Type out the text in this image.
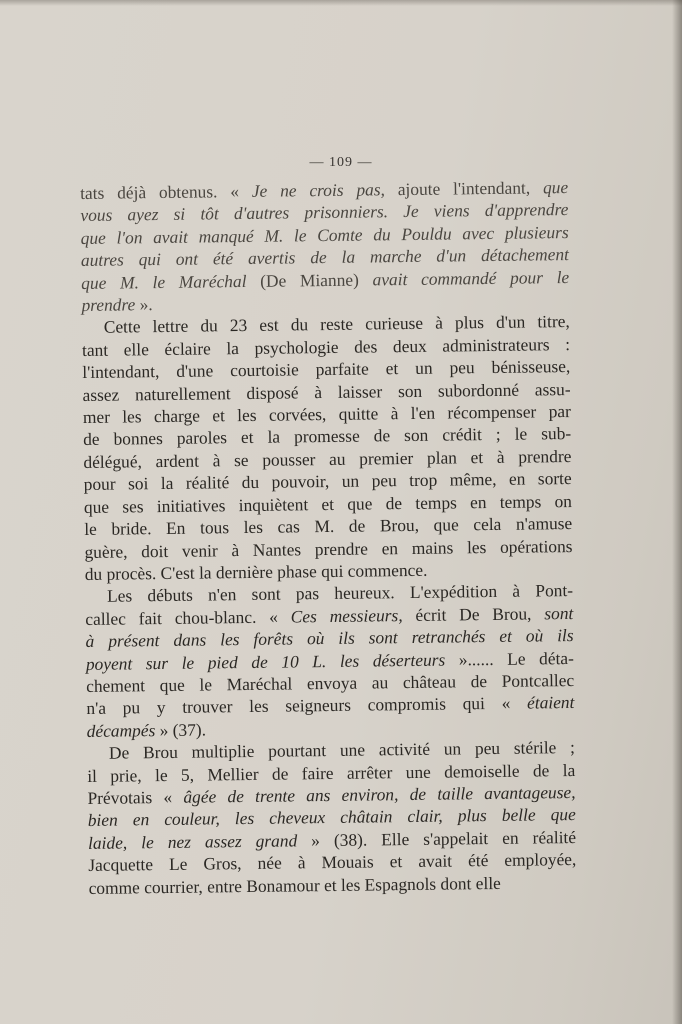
— 109 —

tats déjà obtenus. « Je ne crois pas, ajoute l'intendant, que
vous ayez si tôt d'autres prisonniers. Je viens d'apprendre
que l'on avait manqué M. le Comte du Pouldu avec plusieurs
autres qui ont été avertis de la marche d'un détachement
que M. le Maréchal (De Mianne) avait commandé pour le
prendre ».

Cette lettre du 23 est du reste curieuse à plus d'un titre,
tant elle éclaire la psychologie des deux administrateurs :
l'intendant, d'une courtoisie parfaite et un peu bénisseuse,
assez naturellement disposé à laisser son subordonné assu-
mer les charge et les corvées, quitte à l'en récompenser par
de bonnes paroles et la promesse de son crédit ; le sub-
délégué, ardent à se pousser au premier plan et à prendre
pour soi la réalité du pouvoir, un peu trop même, en sorte
que ses initiatives inquiètent et que de temps en temps on
le bride. En tous les cas M. de Brou, que cela n'amuse
guère, doit venir à Nantes prendre en mains les opérations
du procès. C'est la dernière phase qui commence.

Les débuts n'en sont pas heureux. L'expédition à Pont-
callec fait chou-blanc. « Ces messieurs, écrit De Brou, sont
à présent dans les forêts où ils sont retranchés et où ils
poyent sur le pied de 10 L. les déserteurs »...... Le déta-
chement que le Maréchal envoya au château de Pontcallec
n'a pu y trouver les seigneurs compromis qui « étaient
décampés » (37).

De Brou multiplie pourtant une activité un peu stérile ;
il prie, le 5, Mellier de faire arrêter une demoiselle de la
Prévotais « âgée de trente ans environ, de taille avantageuse,
bien en couleur, les cheveux châtain clair, plus belle que
laide, le nez assez grand » (38). Elle s'appelait en réalité
Jacquette Le Gros, née à Mouais et avait été employée,
comme courrier, entre Bonamour et les Espagnols dont elle
